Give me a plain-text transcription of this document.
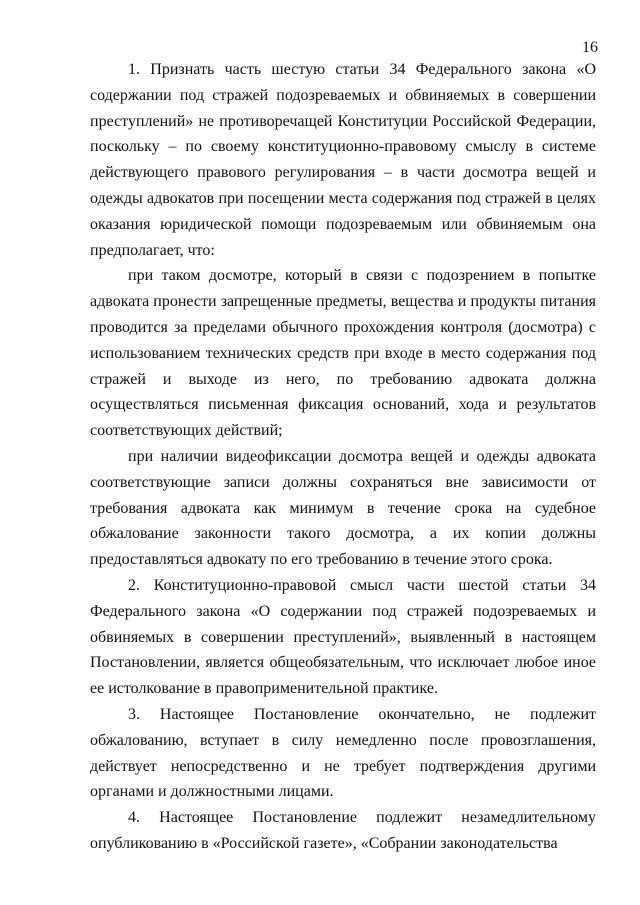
16

1. Признать часть шестую статьи 34 Федерального закона «О содержании под стражей подозреваемых и обвиняемых в совершении преступлений» не противоречащей Конституции Российской Федерации, поскольку – по своему конституционно-правовому смыслу в системе действующего правового регулирования – в части досмотра вещей и одежды адвокатов при посещении места содержания под стражей в целях оказания юридической помощи подозреваемым или обвиняемым она предполагает, что:

при таком досмотре, который в связи с подозрением в попытке адвоката пронести запрещенные предметы, вещества и продукты питания проводится за пределами обычного прохождения контроля (досмотра) с использованием технических средств при входе в место содержания под стражей и выходе из него, по требованию адвоката должна осуществляться письменная фиксация оснований, хода и результатов соответствующих действий;

при наличии видеофиксации досмотра вещей и одежды адвоката соответствующие записи должны сохраняться вне зависимости от требования адвоката как минимум в течение срока на судебное обжалование законности такого досмотра, а их копии должны предоставляться адвокату по его требованию в течение этого срока.

2. Конституционно-правовой смысл части шестой статьи 34 Федерального закона «О содержании под стражей подозреваемых и обвиняемых в совершении преступлений», выявленный в настоящем Постановлении, является общеобязательным, что исключает любое иное ее истолкование в правоприменительной практике.

3. Настоящее Постановление окончательно, не подлежит обжалованию, вступает в силу немедленно после провозглашения, действует непосредственно и не требует подтверждения другими органами и должностными лицами.

4. Настоящее Постановление подлежит незамедлительному опубликованию в «Российской газете», «Собрании законодательства
